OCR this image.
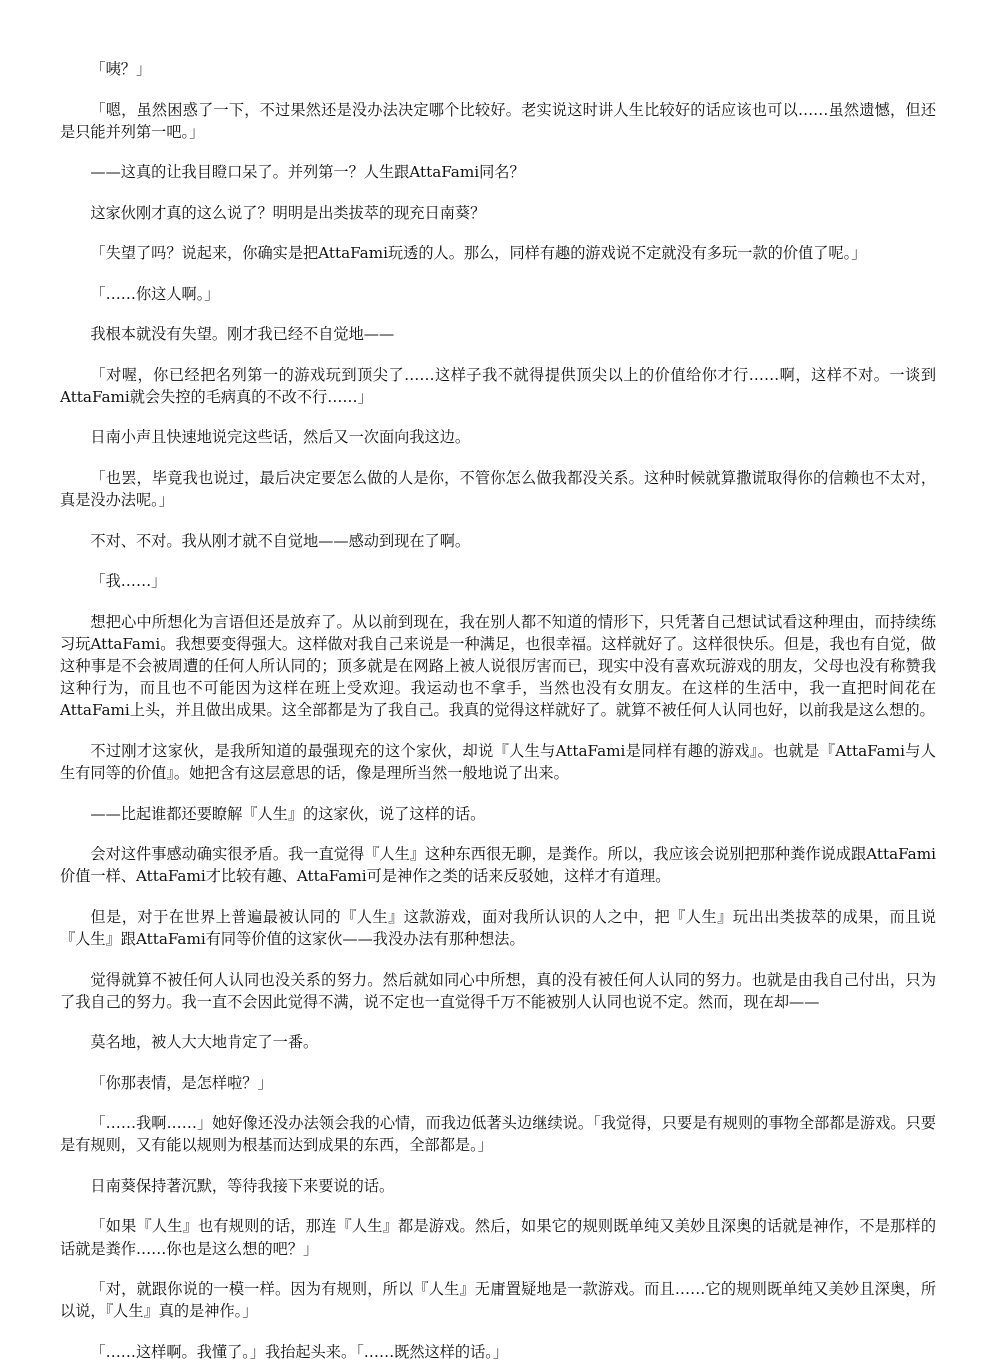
「咦？」

「嗯，虽然困惑了一下，不过果然还是没办法决定哪个比较好。老实说这时讲人生比较好的话应该也可以……虽然遗憾，但还是只能并列第一吧。」

——这真的让我目瞪口呆了。并列第一？人生跟AttaFami同名？

这家伙刚才真的这么说了？明明是出类拔萃的现充日南葵？

「失望了吗？说起来，你确实是把AttaFami玩透的人。那么，同样有趣的游戏说不定就没有多玩一款的价值了呢。」

「……你这人啊。」

我根本就没有失望。刚才我已经不自觉地——

「对喔，你已经把名列第一的游戏玩到顶尖了……这样子我不就得提供顶尖以上的价值给你才行……啊，这样不对。一谈到AttaFami就会失控的毛病真的不改不行……」

日南小声且快速地说完这些话，然后又一次面向我这边。

「也罢，毕竟我也说过，最后决定要怎么做的人是你，不管你怎么做我都没关系。这种时候就算撒谎取得你的信赖也不太对，真是没办法呢。」

不对、不对。我从刚才就不自觉地——感动到现在了啊。

「我……」

想把心中所想化为言语但还是放弃了。从以前到现在，我在别人都不知道的情形下，只凭著自己想试试看这种理由，而持续练习玩AttaFami。我想要变得强大。这样做对我自己来说是一种满足，也很幸福。这样就好了。这样很快乐。但是，我也有自觉，做这种事是不会被周遭的任何人所认同的；顶多就是在网路上被人说很厉害而已，现实中没有喜欢玩游戏的朋友，父母也没有称赞我这种行为，而且也不可能因为这样在班上受欢迎。我运动也不拿手，当然也没有女朋友。在这样的生活中，我一直把时间花在AttaFami上头，并且做出成果。这全部都是为了我自己。我真的觉得这样就好了。就算不被任何人认同也好，以前我是这么想的。

不过刚才这家伙，是我所知道的最强现充的这个家伙，却说『人生与AttaFami是同样有趣的游戏』。也就是『AttaFami与人生有同等的价值』。她把含有这层意思的话，像是理所当然一般地说了出来。

——比起谁都还要瞭解『人生』的这家伙，说了这样的话。

会对这件事感动确实很矛盾。我一直觉得『人生』这种东西很无聊，是粪作。所以，我应该会说别把那种粪作说成跟AttaFami价值一样、AttaFami才比较有趣、AttaFami可是神作之类的话来反驳她，这样才有道理。

但是，对于在世界上普遍最被认同的『人生』这款游戏，面对我所认识的人之中，把『人生』玩出出类拔萃的成果，而且说『人生』跟AttaFami有同等价值的这家伙——我没办法有那种想法。

觉得就算不被任何人认同也没关系的努力。然后就如同心中所想，真的没有被任何人认同的努力。也就是由我自己付出，只为了我自己的努力。我一直不会因此觉得不满，说不定也一直觉得千万不能被别人认同也说不定。然而，现在却——

莫名地，被人大大地肯定了一番。

「你那表情，是怎样啦？」

「……我啊……」她好像还没办法领会我的心情，而我边低著头边继续说。「我觉得，只要是有规则的事物全部都是游戏。只要是有规则，又有能以规则为根基而达到成果的东西，全部都是。」

日南葵保持著沉默，等待我接下来要说的话。

「如果『人生』也有规则的话，那连『人生』都是游戏。然后，如果它的规则既单纯又美妙且深奥的话就是神作，不是那样的话就是粪作……你也是这么想的吧？」

「对，就跟你说的一模一样。因为有规则，所以『人生』无庸置疑地是一款游戏。而且……它的规则既单纯又美妙且深奥，所以说，『人生』真的是神作。」

「……这样啊。我懂了。」我抬起头来。「……既然这样的话。」
